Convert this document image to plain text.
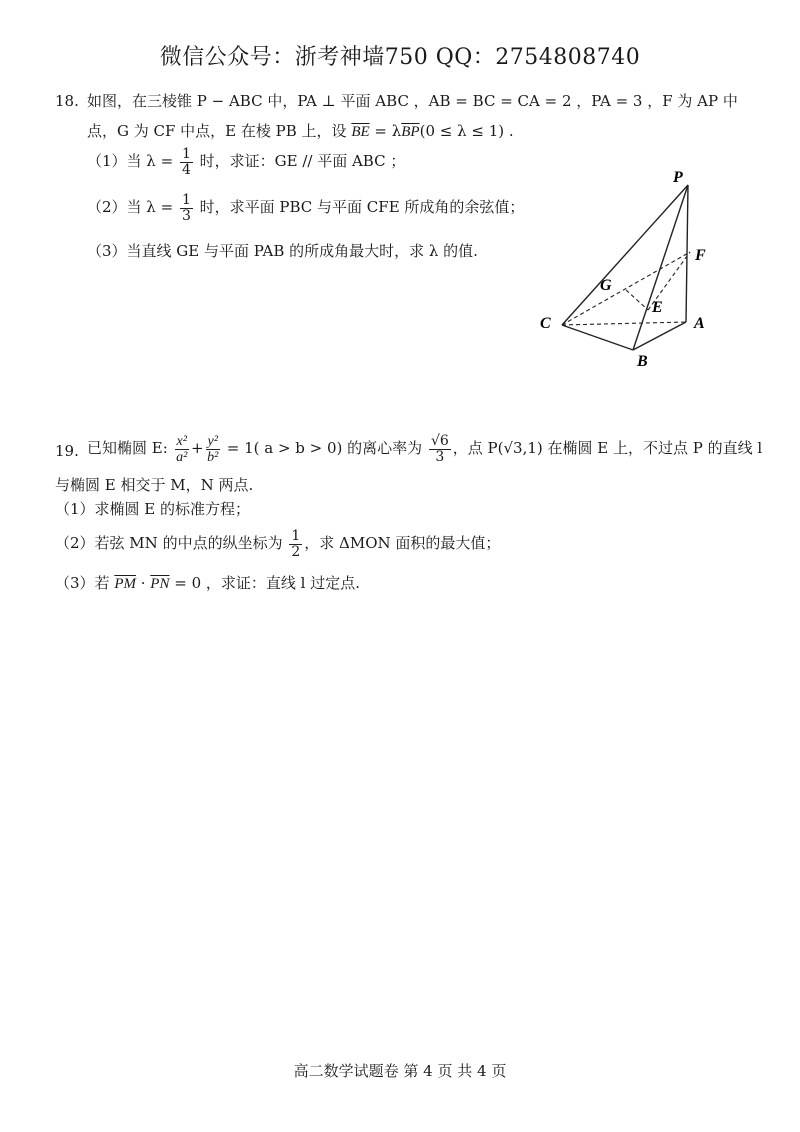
微信公众号：浙考神墙750 QQ：2754808740
18. 如图，在三棱锥 P − ABC 中，PA ⊥ 平面 ABC ，AB = BC = CA = 2 ，PA = 3 ，F 为 AP 中
点，G 为 CF 中点，E 在棱 PB 上，设 $\overline{BE} = \lambda\overline{BP}(0 \le \lambda \le 1)$ .
（1）当 $\lambda = \frac{1}{4}$ 时，求证：GE // 平面 ABC ；
（2）当 $\lambda = \frac{1}{3}$ 时，求平面 PBC 与平面 CFE 所成角的余弦值；
（3）当直线 GE 与平面 PAB 的所成角最大时，求 λ 的值.
P
F
G
E
C	A
B
19. 已知椭圆 E: $\frac{\text{x²}}{\text{a²}} + \frac{\text{y²}}{\text{b²}} = 1$( a > b > 0) 的离心率为 $\frac{√6}{3}$ ，点 P(√3,1) 在椭圆 E 上，不过点 P 的直线 l
与椭圆 E 相交于 M，N 两点.
（1）求椭圆 E 的标准方程；
（2）若弦 MN 的中点的纵坐标为 $\frac{1}{2}$ ，求 ΔMON 面积的最大值；
（3）若 $\overline{PM} \cdot \overline{PN} = 0$ ，求证：直线 l 过定点.
高二数学试题卷 第 4 页 共 4 页
